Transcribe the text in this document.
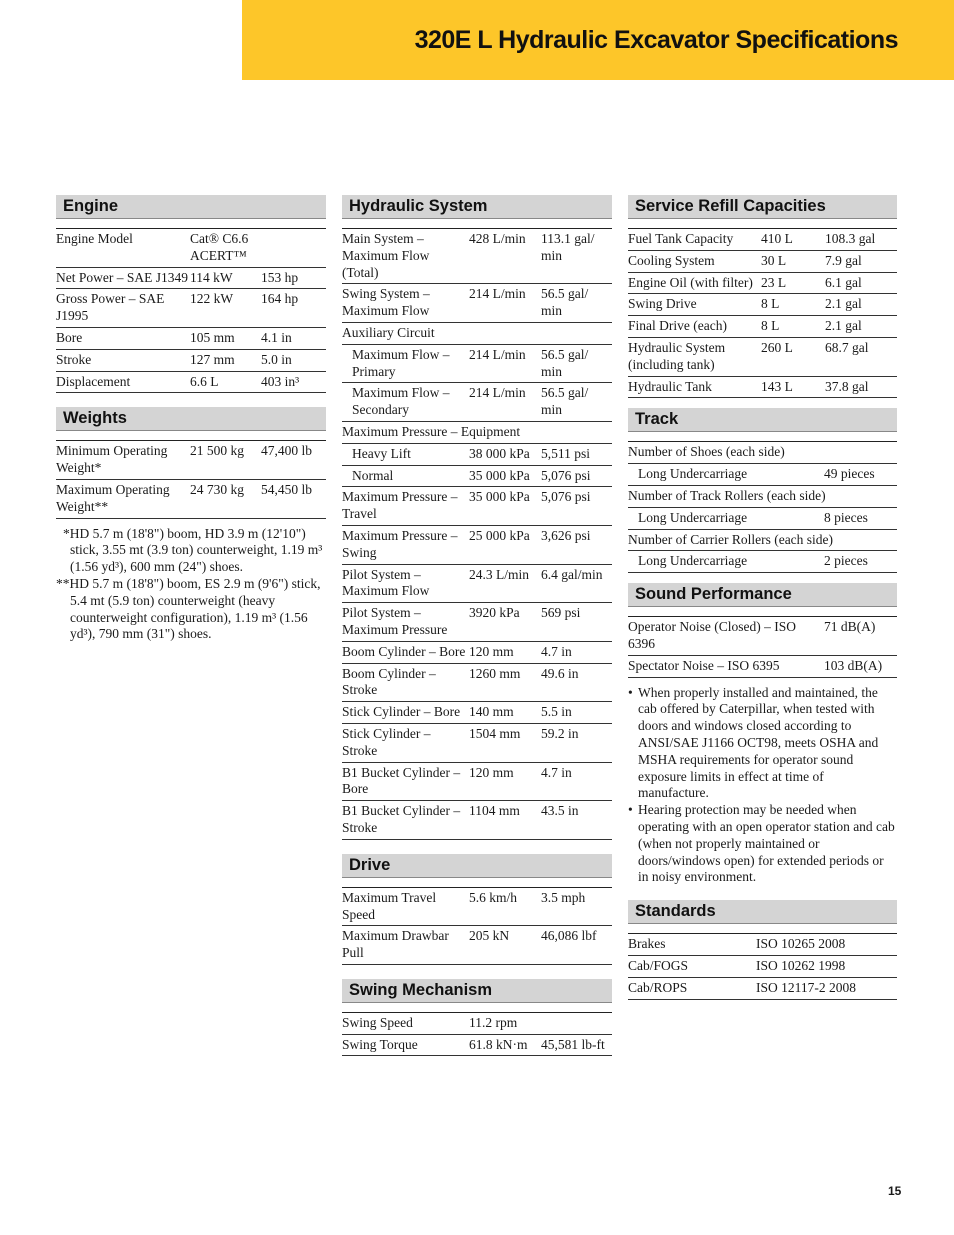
320E L Hydraulic Excavator Specifications
Engine
Engine Model	Cat® C6.6 ACERT™	
Net Power – SAE J1349	114 kW	153 hp
Gross Power – SAE J1995	122 kW	164 hp
Bore	105 mm	4.1 in
Stroke	127 mm	5.0 in
Displacement	6.6 L	403 in³
Weights
Minimum Operating Weight*	21 500 kg	47,400 lb
Maximum Operating Weight**	24 730 kg	54,450 lb

*HD 5.7 m (18'8") boom, HD 3.9 m (12'10") stick, 3.55 mt (3.9 ton) counterweight, 1.19 m³ (1.56 yd³), 600 mm (24") shoes.

**HD 5.7 m (18'8") boom, ES 2.9 m (9'6") stick, 5.4 mt (5.9 ton) counterweight (heavy counterweight configuration), 1.19 m³ (1.56 yd³), 790 mm (31") shoes.

Hydraulic System
Main System – Maximum Flow (Total)	428 L/min	113.1 gal/ min
Swing System – Maximum Flow	214 L/min	56.5 gal/ min
Auxiliary Circuit		
Maximum Flow – Primary	214 L/min	56.5 gal/ min
Maximum Flow – Secondary	214 L/min	56.5 gal/ min
Maximum Pressure – Equipment		
Heavy Lift	38 000 kPa	5,511 psi
Normal	35 000 kPa	5,076 psi
Maximum Pressure – Travel	35 000 kPa	5,076 psi
Maximum Pressure – Swing	25 000 kPa	3,626 psi
Pilot System – Maximum Flow	24.3 L/min	6.4 gal/min
Pilot System – Maximum Pressure	3920 kPa	569 psi
Boom Cylinder – Bore	120 mm	4.7 in
Boom Cylinder – Stroke	1260 mm	49.6 in
Stick Cylinder – Bore	140 mm	5.5 in
Stick Cylinder – Stroke	1504 mm	59.2 in
B1 Bucket Cylinder – Bore	120 mm	4.7 in
B1 Bucket Cylinder – Stroke	1104 mm	43.5 in
Drive
Maximum Travel Speed	5.6 km/h	3.5 mph
Maximum Drawbar Pull	205 kN	46,086 lbf
Swing Mechanism
Swing Speed	11.2 rpm	
Swing Torque	61.8 kN·m	45,581 lb-ft
Service Refill Capacities
Fuel Tank Capacity	410 L	108.3 gal
Cooling System	30 L	7.9 gal
Engine Oil (with filter)	23 L	6.1 gal
Swing Drive	8 L	2.1 gal
Final Drive (each)	8 L	2.1 gal
Hydraulic System (including tank)	260 L	68.7 gal
Hydraulic Tank	143 L	37.8 gal
Track
Number of Shoes (each side)	
Long Undercarriage	49 pieces
Number of Track Rollers (each side)	
Long Undercarriage	8 pieces
Number of Carrier Rollers (each side)	
Long Undercarriage	2 pieces
Sound Performance
Operator Noise (Closed) – ISO 6396	71 dB(A)
Spectator Noise – ISO 6395	103 dB(A)
• When properly installed and maintained, the cab offered by Caterpillar, when tested with doors and windows closed according to ANSI/SAE J1166 OCT98, meets OSHA and MSHA requirements for operator sound exposure limits in effect at time of manufacture.
• Hearing protection may be needed when operating with an open operator station and cab (when not properly maintained or doors/windows open) for extended periods or in noisy environment.
Standards
Brakes	ISO 10265 2008
Cab/FOGS	ISO 10262 1998
Cab/ROPS	ISO 12117-2 2008
15
